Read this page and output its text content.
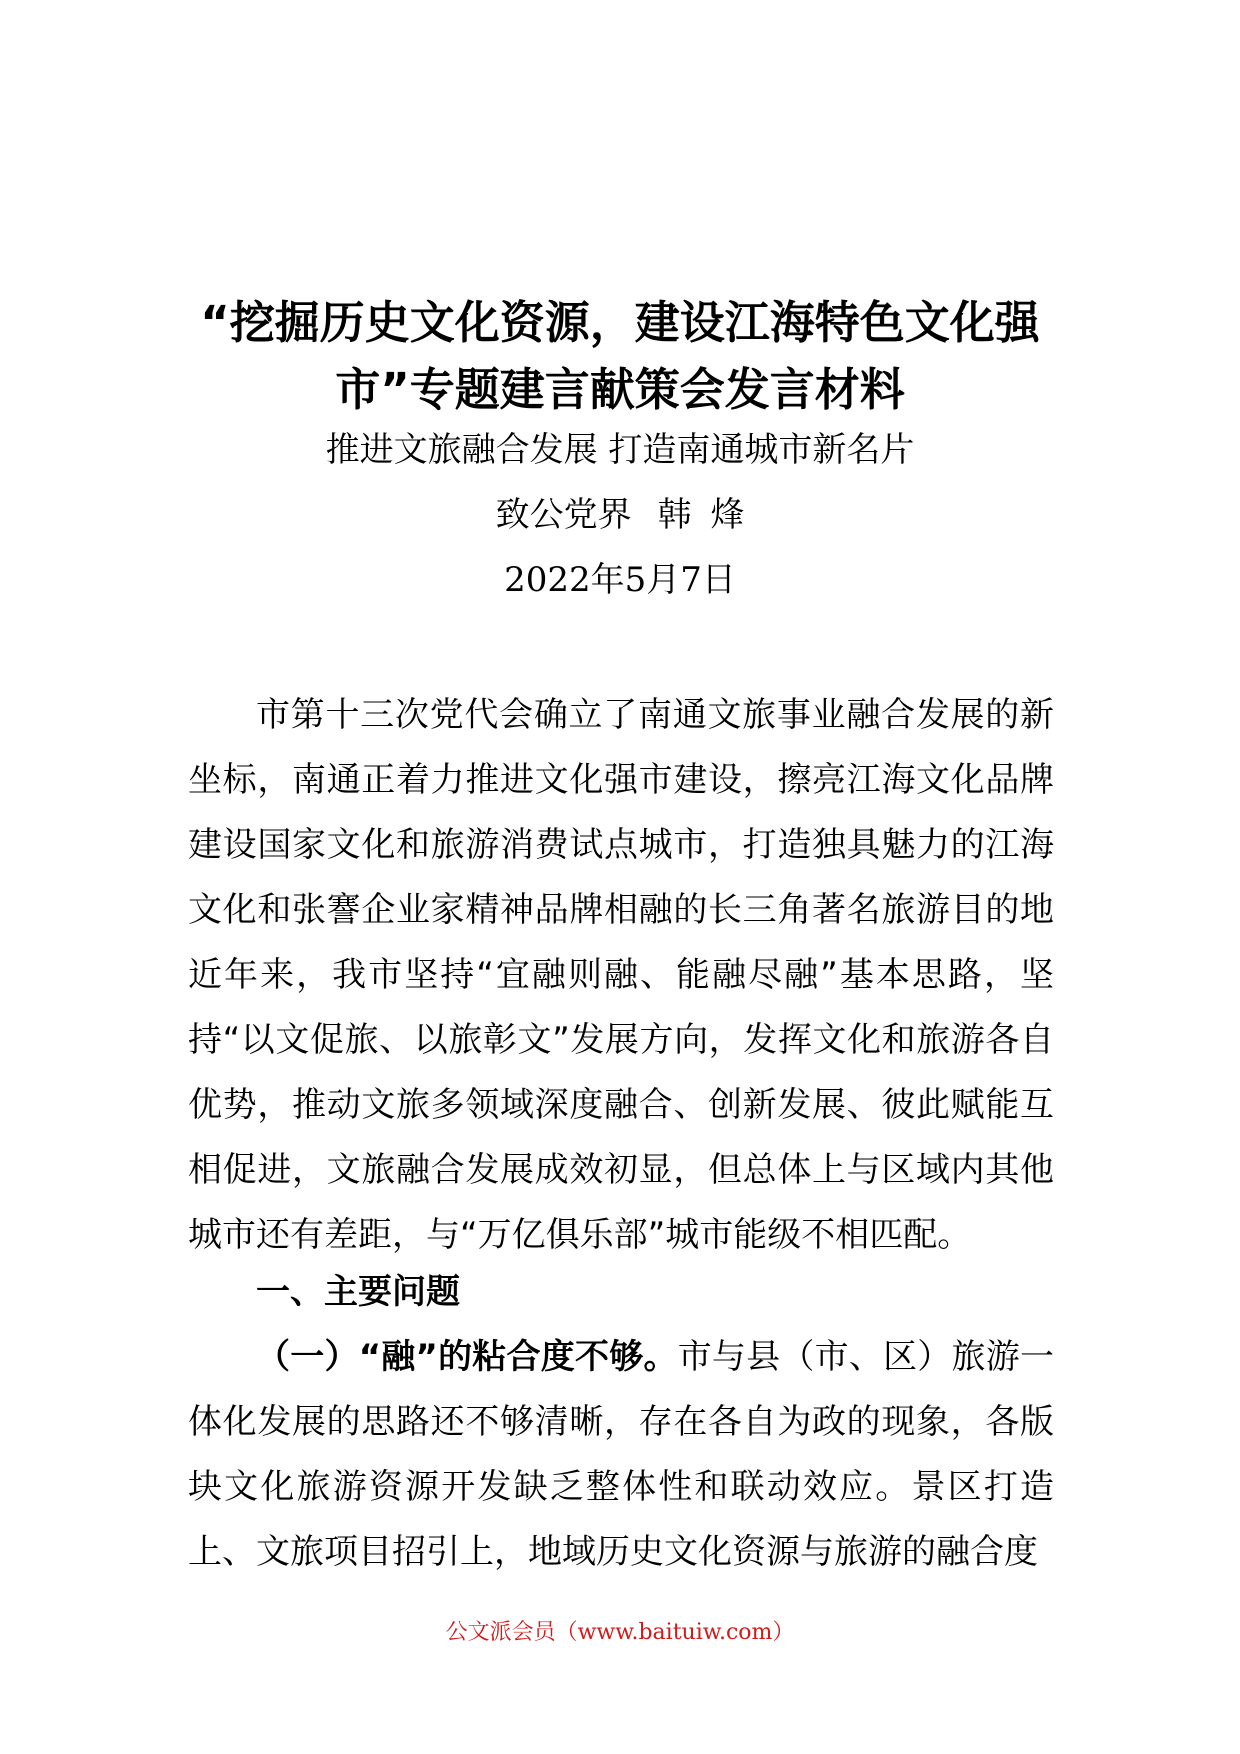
“挖掘历史文化资源，建设江海特色文化强
市”专题建言献策会发言材料

推进文旅融合发展 打造南通城市新名片

致公党界 韩 烽

2022年5月7日

市第十三次党代会确立了南通文旅事业融合发展的新坐标，南通正着力推进文化强市建设，擦亮江海文化品牌建设国家文化和旅游消费试点城市，打造独具魅力的江海文化和张謇企业家精神品牌相融的长三角著名旅游目的地近年来，我市坚持“宜融则融、能融尽融”基本思路，坚持“以文促旅、以旅彰文”发展方向，发挥文化和旅游各自优势，推动文旅多领域深度融合、创新发展、彼此赋能互相促进，文旅融合发展成效初显，但总体上与区域内其他城市还有差距，与“万亿俱乐部”城市能级不相匹配。

一、主要问题

（一）“融”的粘合度不够。市与县（市、区）旅游一体化发展的思路还不够清晰，存在各自为政的现象，各版块文化旅游资源开发缺乏整体性和联动效应。景区打造上、文旅项目招引上，地域历史文化资源与旅游的融合度

公文派会员（www.baituiw.com）
